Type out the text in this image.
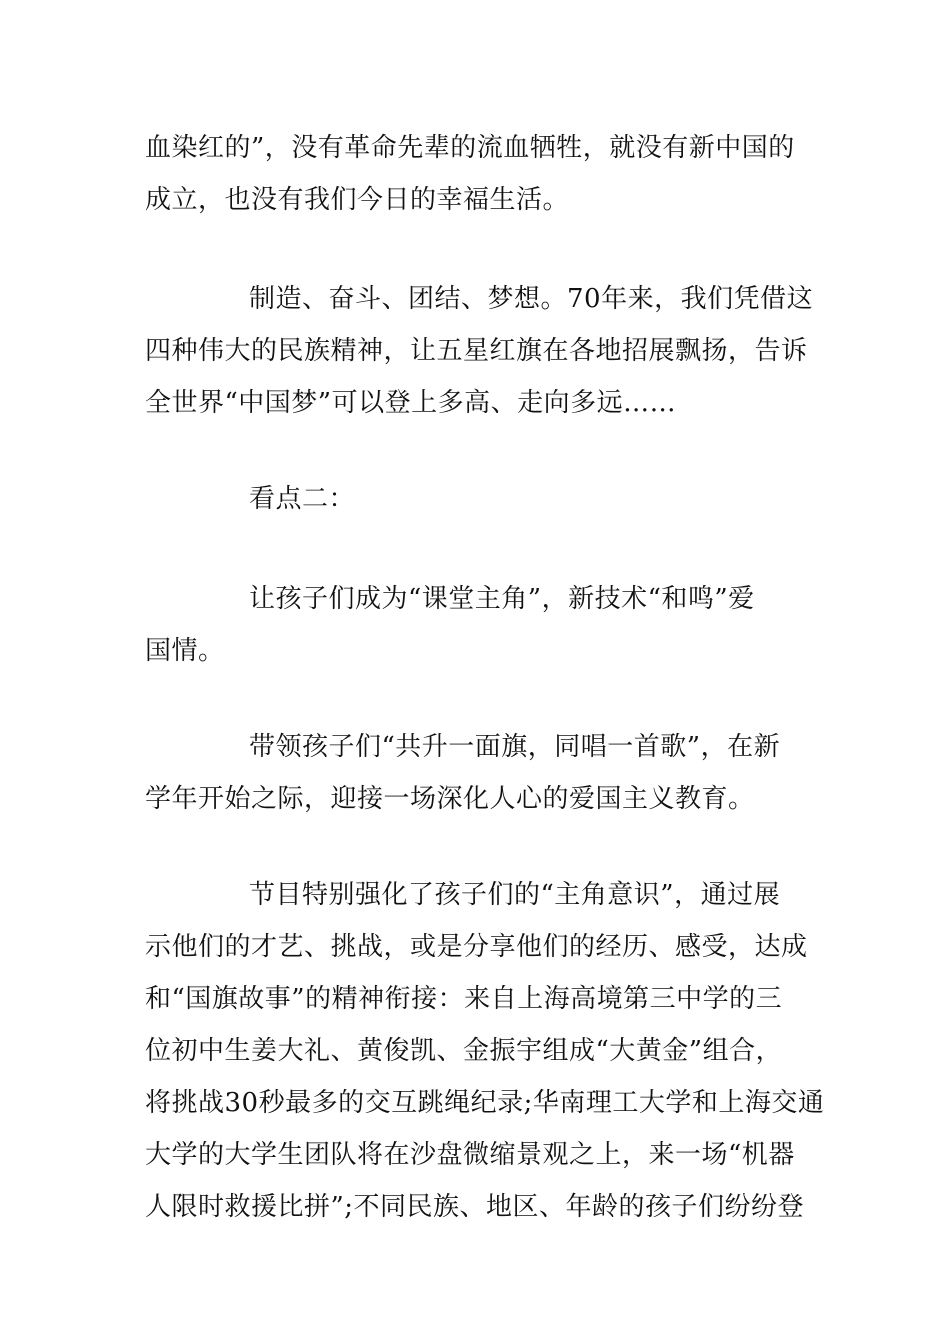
血染红的”，没有革命先辈的流血牺牲，就没有新中国的
成立，也没有我们今日的幸福生活。
制造、奋斗、团结、梦想。70年来，我们凭借这
四种伟大的民族精神，让五星红旗在各地招展飘扬，告诉
全世界“中国梦”可以登上多高、走向多远……
看点二：
让孩子们成为“课堂主角”，新技术“和鸣”爱
国情。
带领孩子们“共升一面旗，同唱一首歌”，在新
学年开始之际，迎接一场深化人心的爱国主义教育。
节目特别强化了孩子们的“主角意识”，通过展
示他们的才艺、挑战，或是分享他们的经历、感受，达成
和“国旗故事”的精神衔接：来自上海高境第三中学的三
位初中生姜大礼、黄俊凯、金振宇组成“大黄金”组合，
将挑战30秒最多的交互跳绳纪录;华南理工大学和上海交通
大学的大学生团队将在沙盘微缩景观之上，来一场“机器
人限时救援比拼”;不同民族、地区、年龄的孩子们纷纷登
